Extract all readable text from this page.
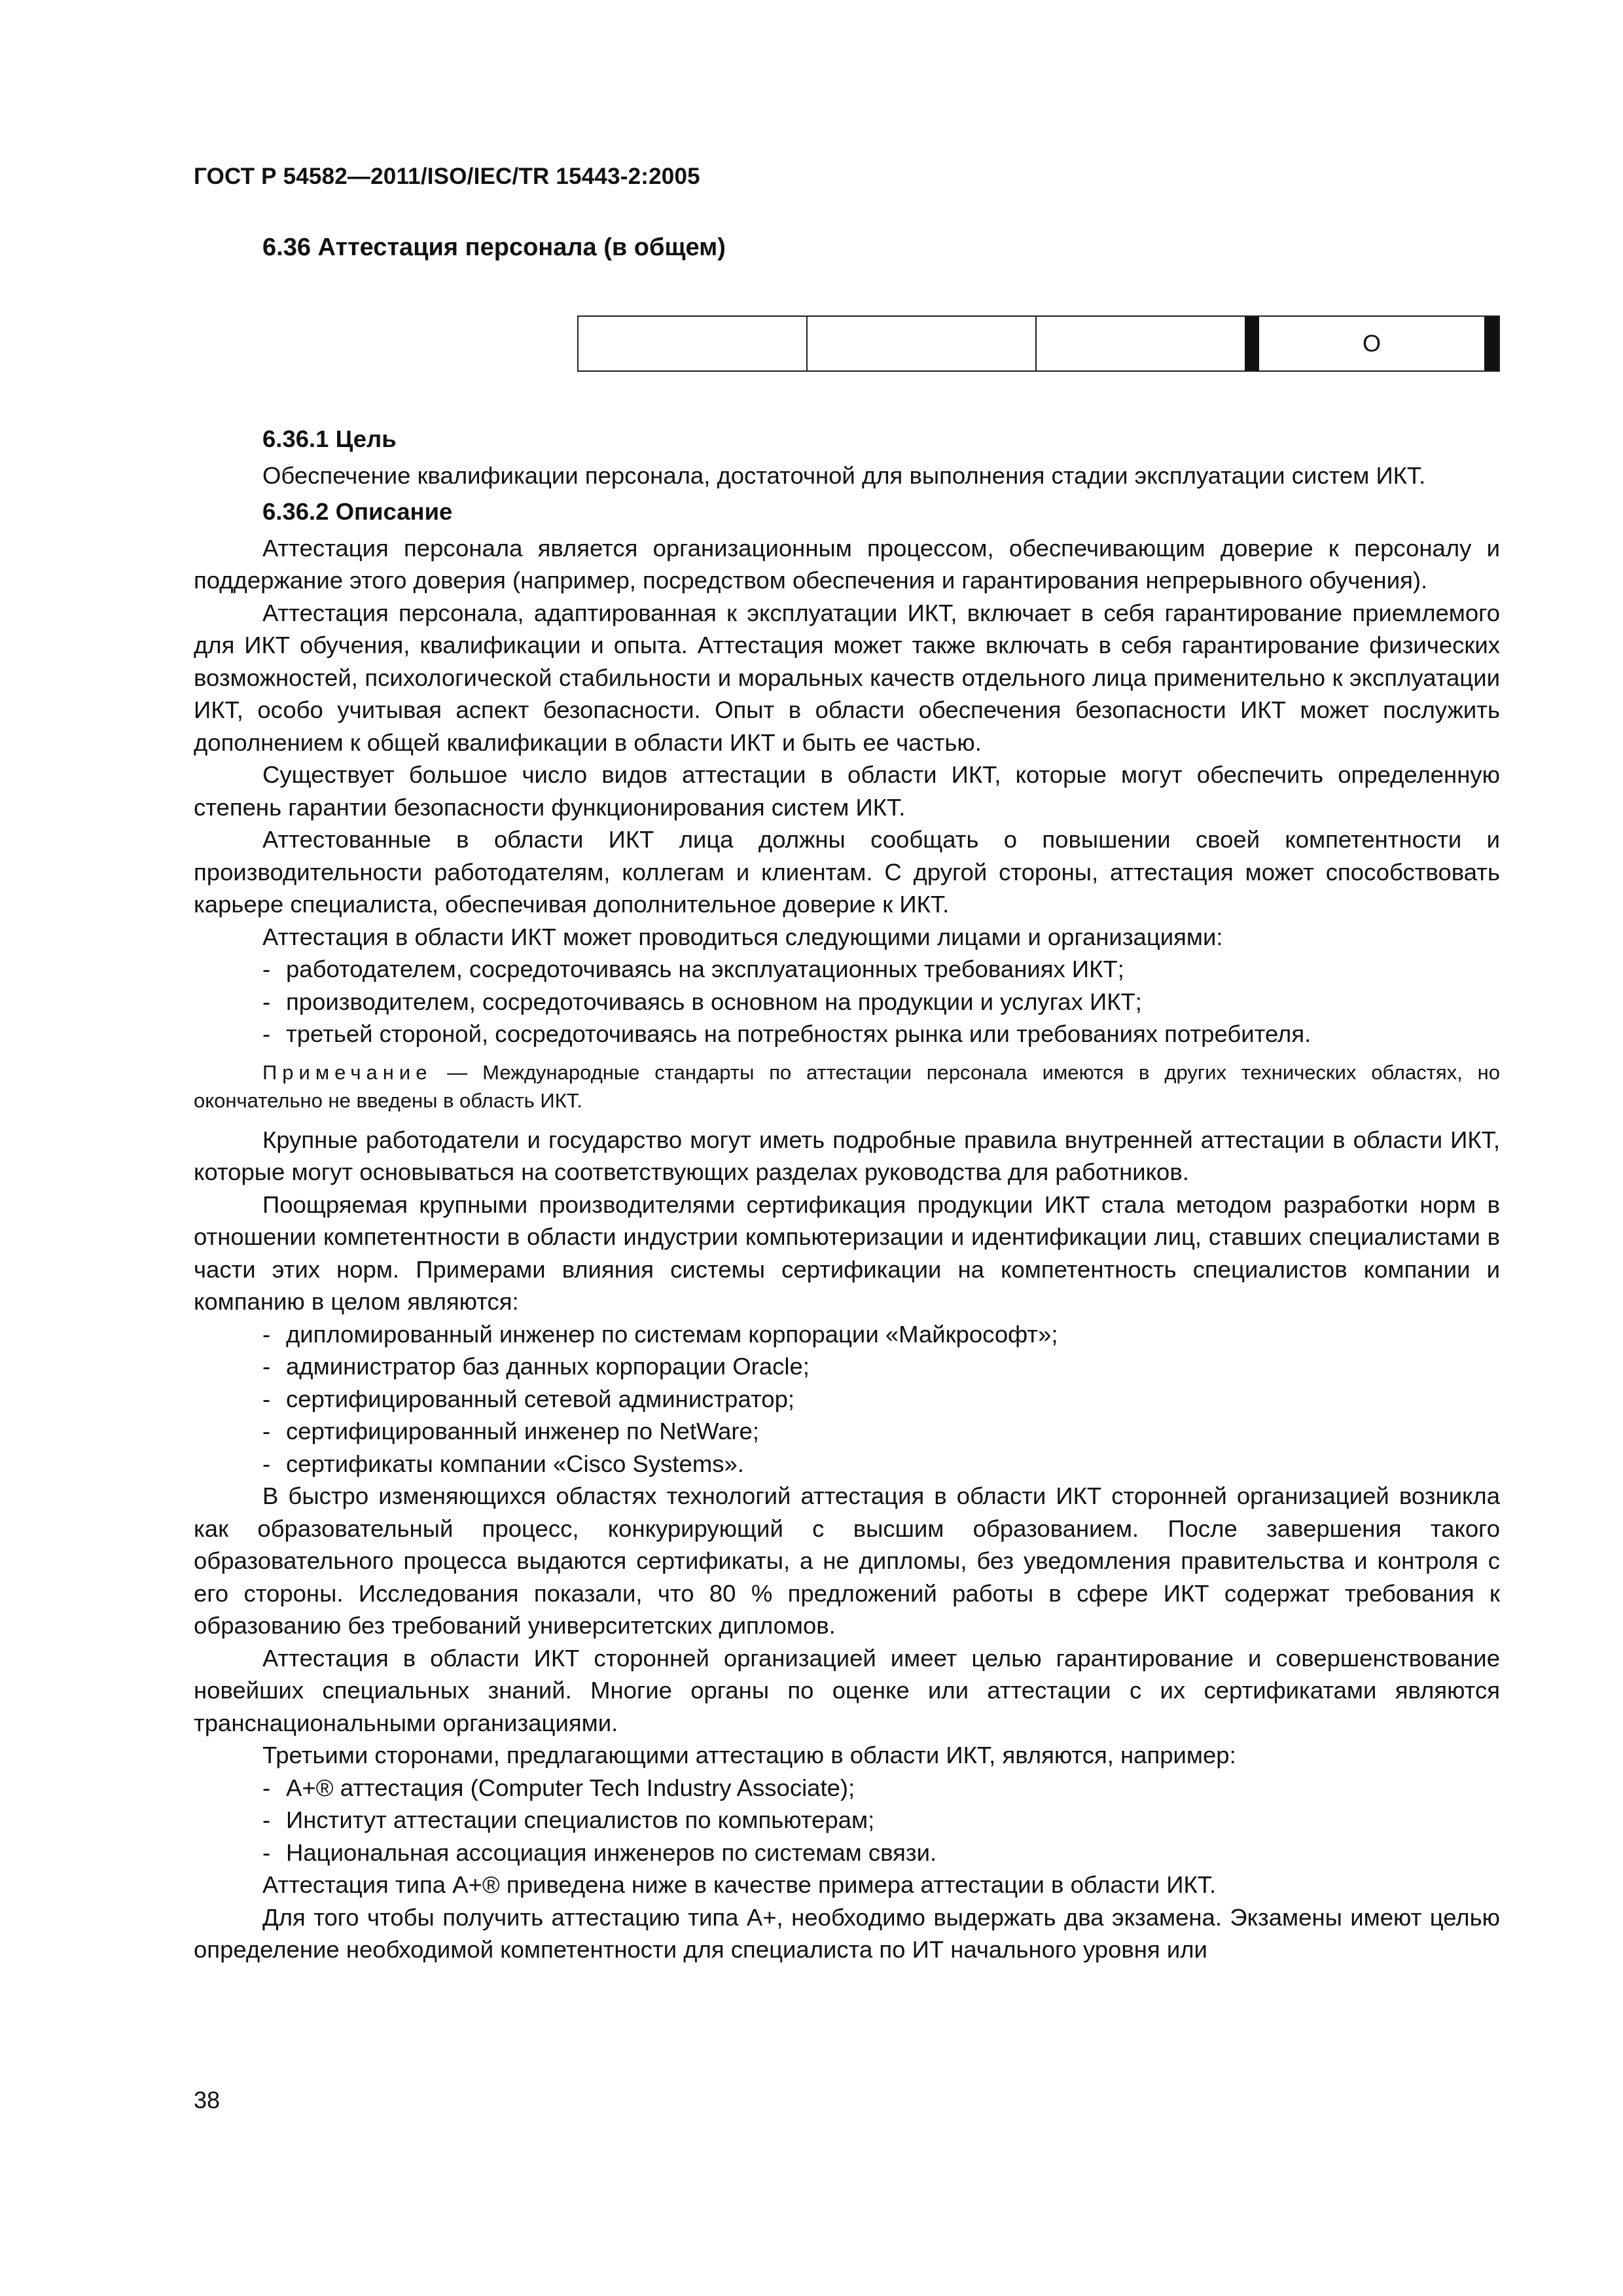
ГОСТ Р 54582—2011/ISO/IEC/TR 15443-2:2005
6.36 Аттестация персонала (в общем)
О

6.36.1 Цель

Обеспечение квалификации персонала, достаточной для выполнения стадии эксплуатации систем ИКТ.

6.36.2 Описание

Аттестация персонала является организационным процессом, обеспечивающим доверие к персоналу и поддержание этого доверия (например, посредством обеспечения и гарантирования непрерывного обучения).

Аттестация персонала, адаптированная к эксплуатации ИКТ, включает в себя гарантирование приемлемого для ИКТ обучения, квалификации и опыта. Аттестация может также включать в себя гарантирование физических возможностей, психологической стабильности и моральных качеств отдельного лица применительно к эксплуатации ИКТ, особо учитывая аспект безопасности. Опыт в области обеспечения безопасности ИКТ может послужить дополнением к общей квалификации в области ИКТ и быть ее частью.

Существует большое число видов аттестации в области ИКТ, которые могут обеспечить определенную степень гарантии безопасности функционирования систем ИКТ.

Аттестованные в области ИКТ лица должны сообщать о повышении своей компетентности и производительности работодателям, коллегам и клиентам. С другой стороны, аттестация может способствовать карьере специалиста, обеспечивая дополнительное доверие к ИКТ.

Аттестация в области ИКТ может проводиться следующими лицами и организациями:

- работодателем, сосредоточиваясь на эксплуатационных требованиях ИКТ;

- производителем, сосредоточиваясь в основном на продукции и услугах ИКТ;

- третьей стороной, сосредоточиваясь на потребностях рынка или требованиях потребителя.

Примечание — Международные стандарты по аттестации персонала имеются в других технических областях, но окончательно не введены в область ИКТ.

Крупные работодатели и государство могут иметь подробные правила внутренней аттестации в области ИКТ, которые могут основываться на соответствующих разделах руководства для работников.

Поощряемая крупными производителями сертификация продукции ИКТ стала методом разработки норм в отношении компетентности в области индустрии компьютеризации и идентификации лиц, ставших специалистами в части этих норм. Примерами влияния системы сертификации на компетентность специалистов компании и компанию в целом являются:

- дипломированный инженер по системам корпорации «Майкрософт»;

- администратор баз данных корпорации Oracle;

- сертифицированный сетевой администратор;

- сертифицированный инженер по NetWare;

- сертификаты компании «Cisco Systems».

В быстро изменяющихся областях технологий аттестация в области ИКТ сторонней организацией возникла как образовательный процесс, конкурирующий с высшим образованием. После завершения такого образовательного процесса выдаются сертификаты, а не дипломы, без уведомления правительства и контроля с его стороны. Исследования показали, что 80 % предложений работы в сфере ИКТ содержат требования к образованию без требований университетских дипломов.

Аттестация в области ИКТ сторонней организацией имеет целью гарантирование и совершенствование новейших специальных знаний. Многие органы по оценке или аттестации с их сертификатами являются транснациональными организациями.

Третьими сторонами, предлагающими аттестацию в области ИКТ, являются, например:

- А+® аттестация (Computer Tech Industry Associate);

- Институт аттестации специалистов по компьютерам;

- Национальная ассоциация инженеров по системам связи.

Аттестация типа А+® приведена ниже в качестве примера аттестации в области ИКТ.

Для того чтобы получить аттестацию типа А+, необходимо выдержать два экзамена. Экзамены имеют целью определение необходимой компетентности для специалиста по ИТ начального уровня или

38
